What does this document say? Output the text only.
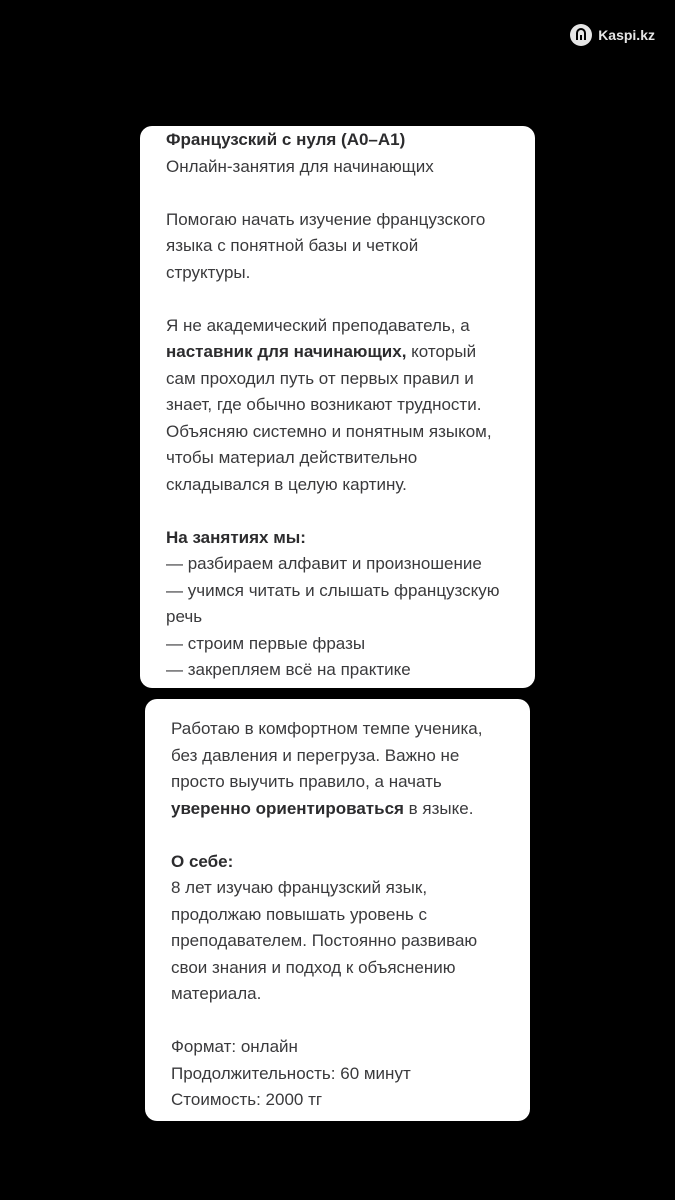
Kaspi.kz
Французский с нуля (А0–А1)
Онлайн-занятия для начинающих
Помогаю начать изучение французского
языка с понятной базы и четкой
структуры.
Я не академический преподаватель, а
наставник для начинающих, который
сам проходил путь от первых правил и
знает, где обычно возникают трудности.
Объясняю системно и понятным языком,
чтобы материал действительно
складывался в целую картину.
На занятиях мы:
— разбираем алфавит и произношение
— учимся читать и слышать французскую
речь
— строим первые фразы
— закрепляем всё на практике
Работаю в комфортном темпе ученика,
без давления и перегруза. Важно не
просто выучить правило, а начать
уверенно ориентироваться в языке.
О себе:
8 лет изучаю французский язык,
продолжаю повышать уровень с
преподавателем. Постоянно развиваю
свои знания и подход к объяснению
материала.
Формат: онлайн
Продолжительность: 60 минут
Стоимость: 2000 тг
